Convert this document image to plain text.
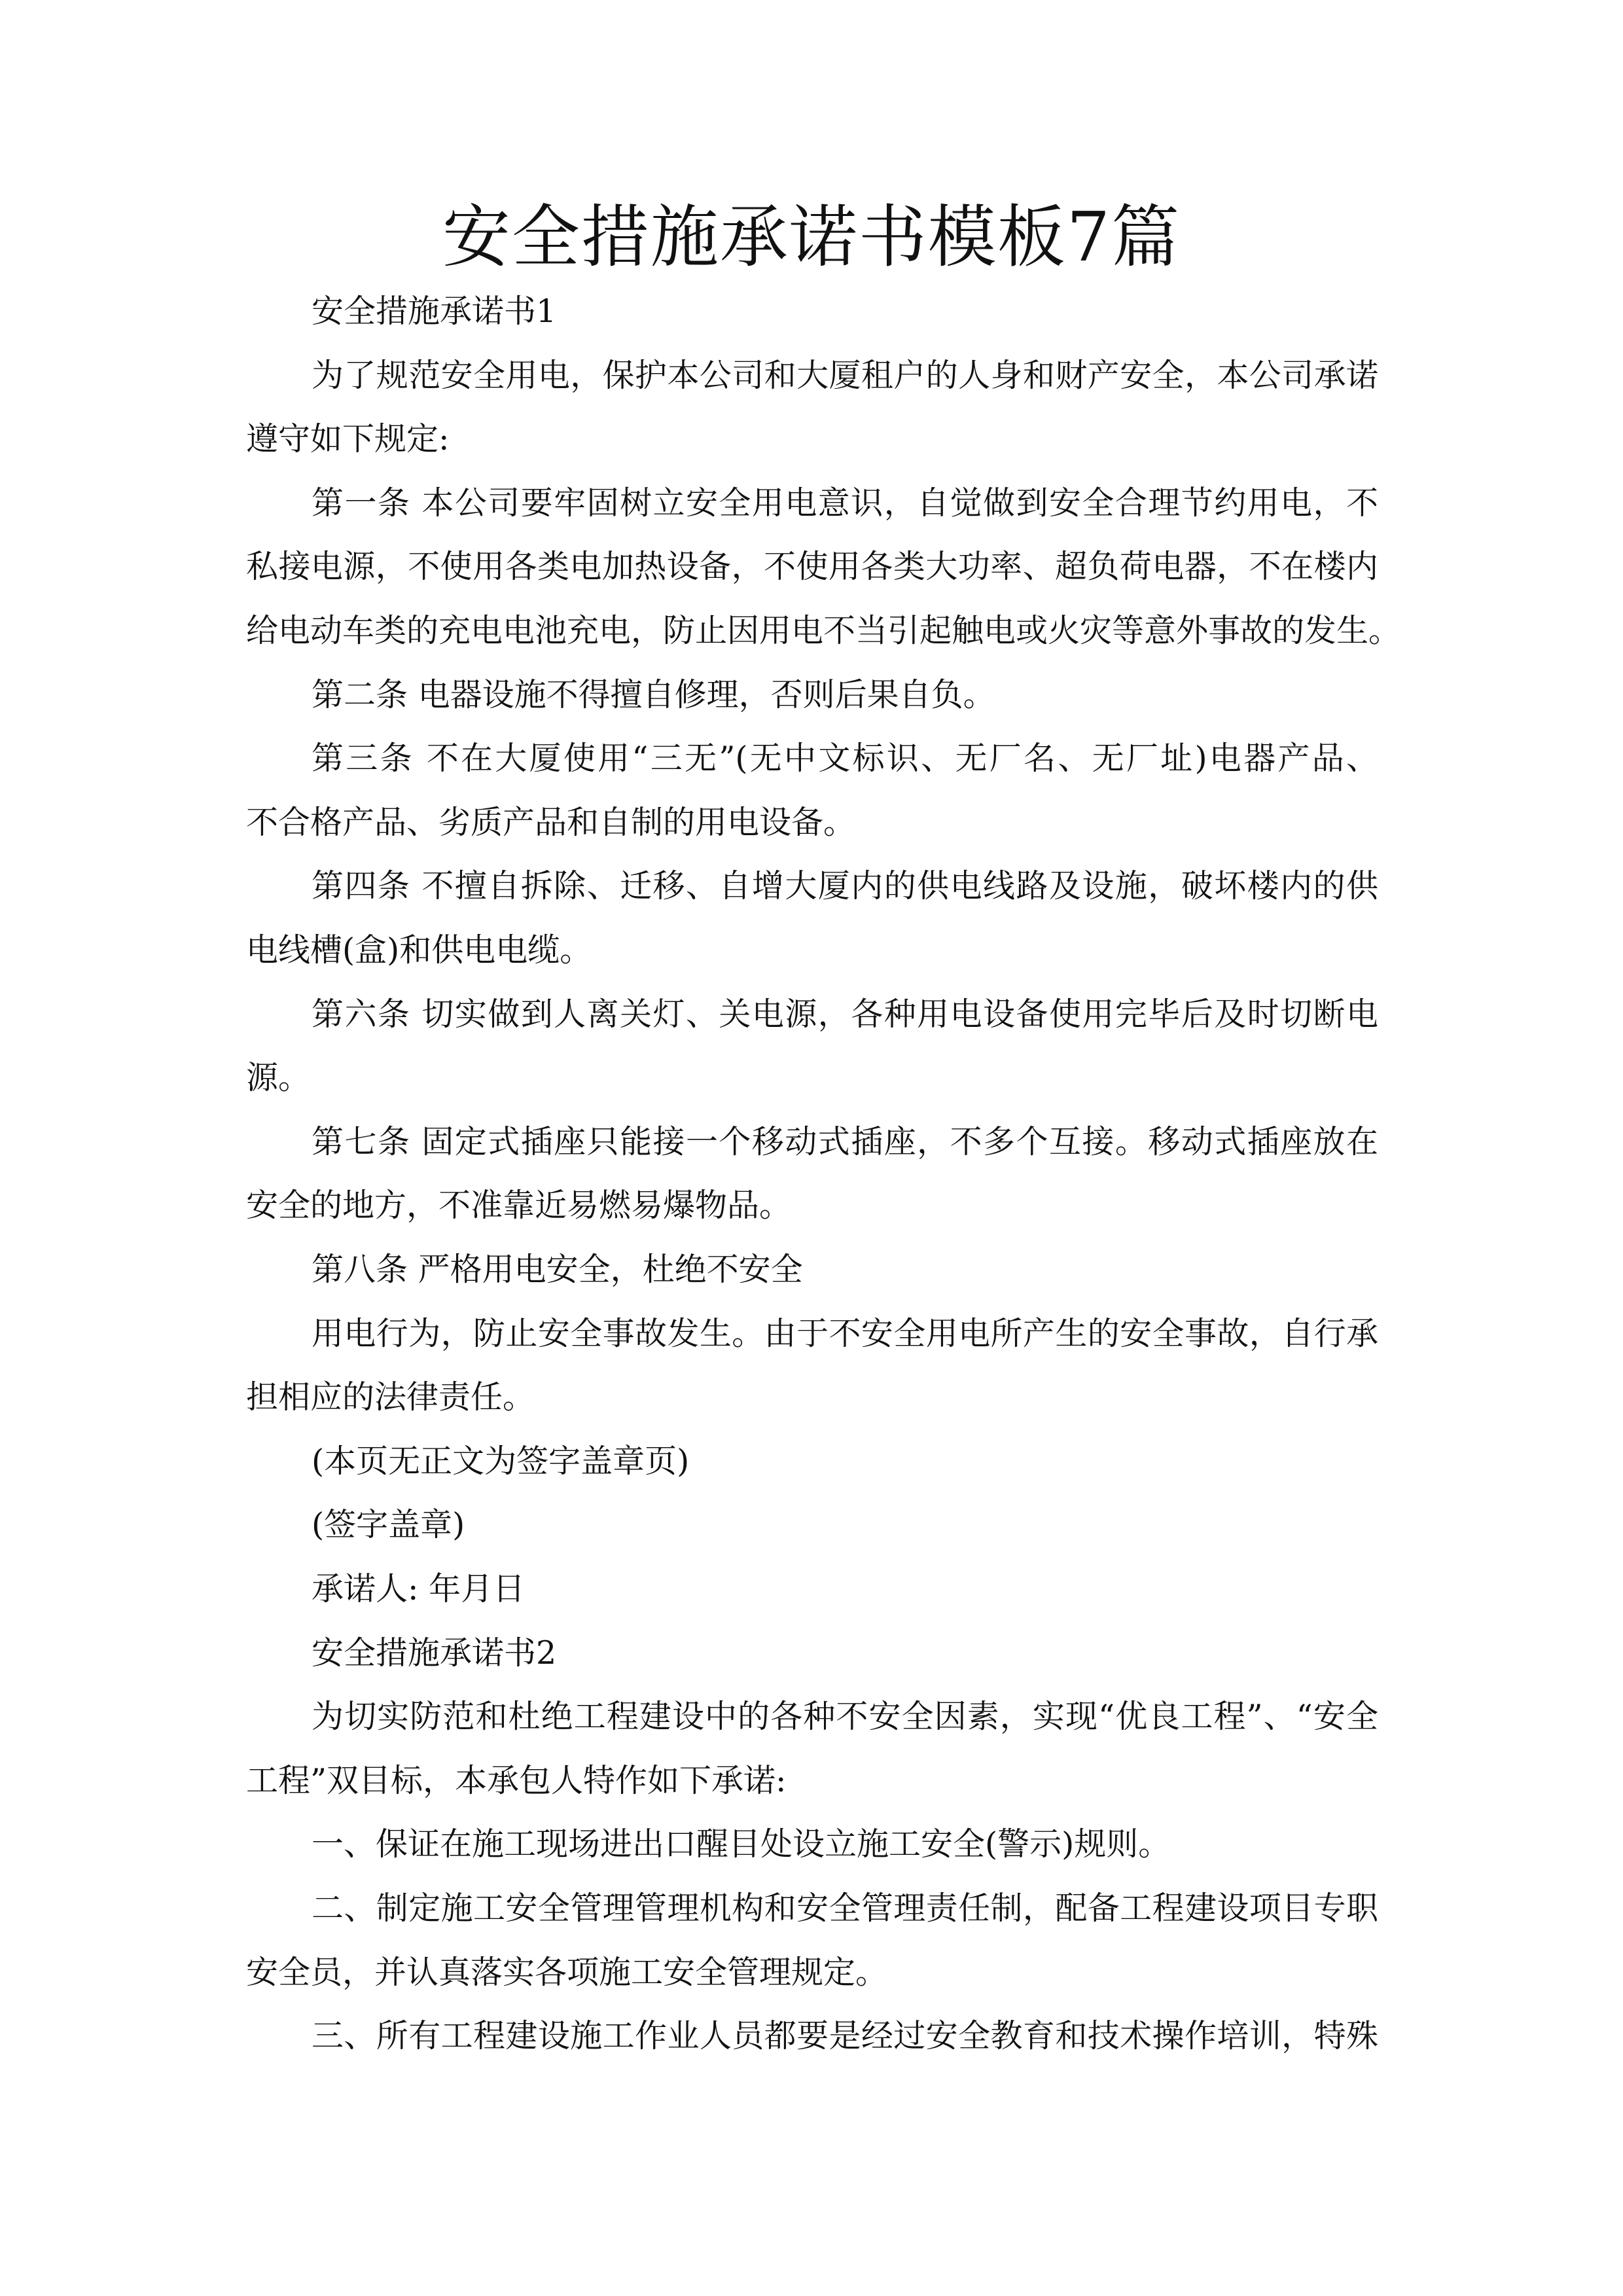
安全措施承诺书模板7篇
安全措施承诺书1
为了规范安全用电，保护本公司和大厦租户的人身和财产安全，本公司承诺
遵守如下规定:
第一条 本公司要牢固树立安全用电意识，自觉做到安全合理节约用电，不
私接电源，不使用各类电加热设备，不使用各类大功率、超负荷电器，不在楼内
给电动车类的充电电池充电，防止因用电不当引起触电或火灾等意外事故的发生。
第二条 电器设施不得擅自修理，否则后果自负。
第三条 不在大厦使用“三无”(无中文标识、无厂名、无厂址)电器产品、
不合格产品、劣质产品和自制的用电设备。
第四条 不擅自拆除、迁移、自增大厦内的供电线路及设施，破坏楼内的供
电线槽(盒)和供电电缆。
第六条 切实做到人离关灯、关电源，各种用电设备使用完毕后及时切断电
源。
第七条 固定式插座只能接一个移动式插座，不多个互接。移动式插座放在
安全的地方，不准靠近易燃易爆物品。
第八条 严格用电安全，杜绝不安全
用电行为，防止安全事故发生。由于不安全用电所产生的安全事故，自行承
担相应的法律责任。
(本页无正文为签字盖章页)
(签字盖章)
承诺人: 年月日
安全措施承诺书2
为切实防范和杜绝工程建设中的各种不安全因素，实现“优良工程”、“安全
工程”双目标，本承包人特作如下承诺:
一、保证在施工现场进出口醒目处设立施工安全(警示)规则。
二、制定施工安全管理管理机构和安全管理责任制，配备工程建设项目专职
安全员，并认真落实各项施工安全管理规定。
三、所有工程建设施工作业人员都要是经过安全教育和技术操作培训，特殊
